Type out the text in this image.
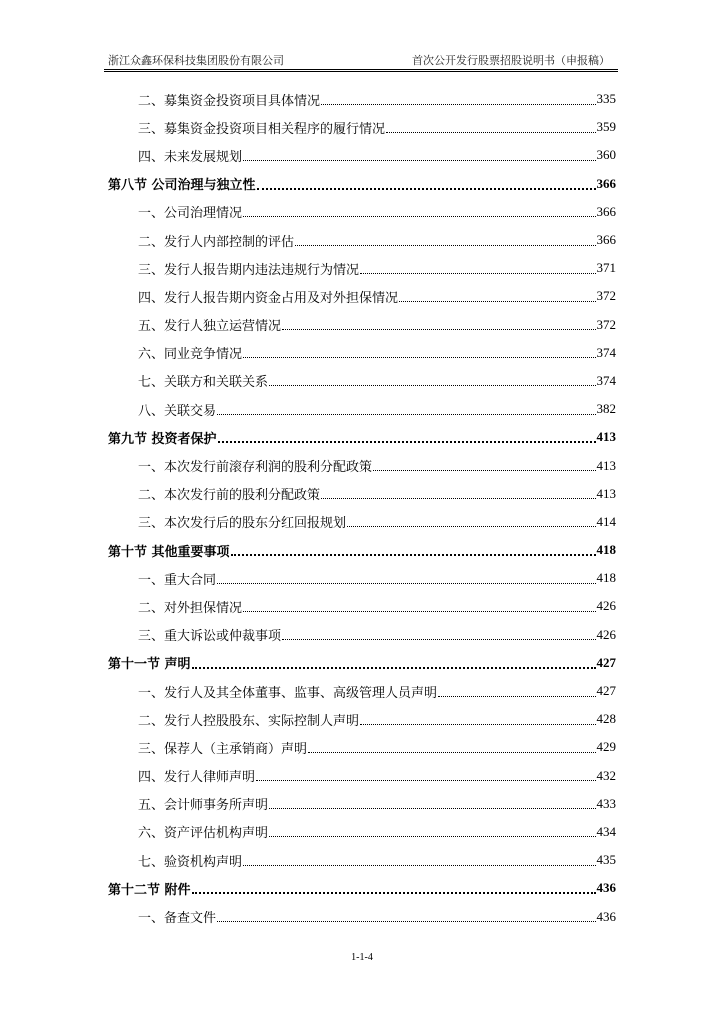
浙江众鑫环保科技集团股份有限公司	首次公开发行股票招股说明书（申报稿）
二、募集资金投资项目具体情况	335
三、募集资金投资项目相关程序的履行情况	359
四、未来发展规划	360
第八节 公司治理与独立性	366
一、公司治理情况	366
二、发行人内部控制的评估	366
三、发行人报告期内违法违规行为情况	371
四、发行人报告期内资金占用及对外担保情况	372
五、发行人独立运营情况	372
六、同业竞争情况	374
七、关联方和关联关系	374
八、关联交易	382
第九节 投资者保护	413
一、本次发行前滚存利润的股利分配政策	413
二、本次发行前的股利分配政策	413
三、本次发行后的股东分红回报规划	414
第十节 其他重要事项	418
一、重大合同	418
二、对外担保情况	426
三、重大诉讼或仲裁事项	426
第十一节 声明	427
一、发行人及其全体董事、监事、高级管理人员声明	427
二、发行人控股股东、实际控制人声明	428
三、保荐人（主承销商）声明	429
四、发行人律师声明	432
五、会计师事务所声明	433
六、资产评估机构声明	434
七、验资机构声明	435
第十二节 附件	436
一、备查文件	436
1-1-4
